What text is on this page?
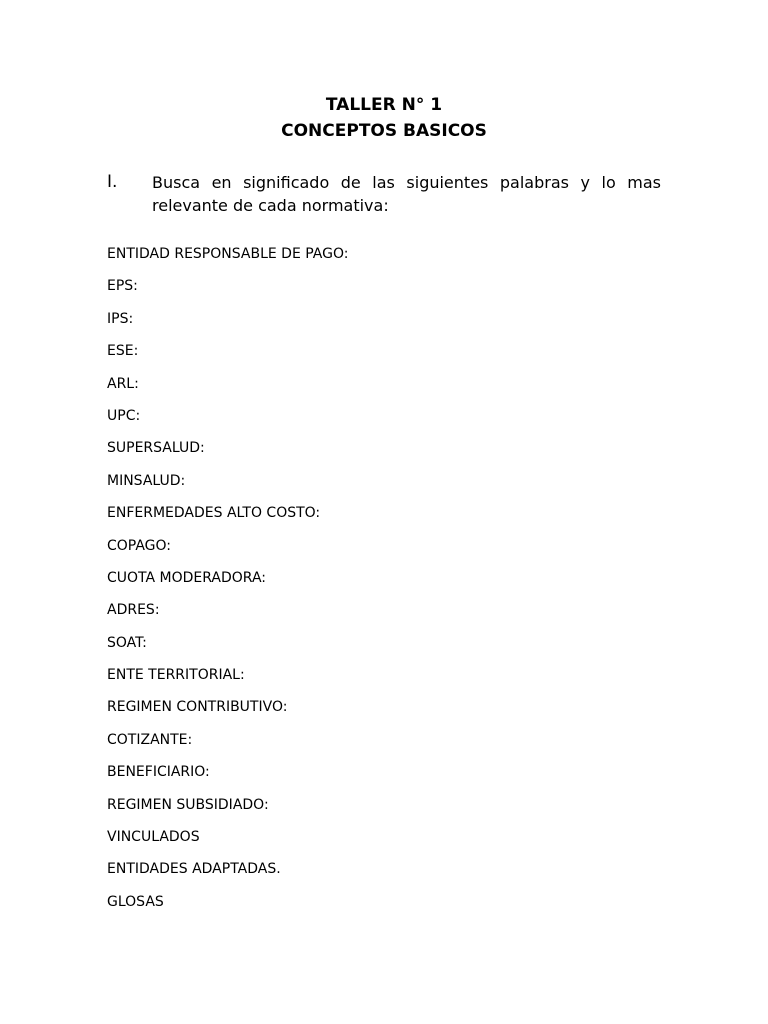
TALLER N° 1
CONCEPTOS BASICOS
I. Busca en significado de las siguientes palabras y lo mas
relevante de cada normativa:
ENTIDAD RESPONSABLE DE PAGO:
EPS:
IPS:
ESE:
ARL:
UPC:
SUPERSALUD:
MINSALUD:
ENFERMEDADES ALTO COSTO:
COPAGO:
CUOTA MODERADORA:
ADRES:
SOAT:
ENTE TERRITORIAL:
REGIMEN CONTRIBUTIVO:
COTIZANTE:
BENEFICIARIO:
REGIMEN SUBSIDIADO:
VINCULADOS
ENTIDADES ADAPTADAS.
GLOSAS
